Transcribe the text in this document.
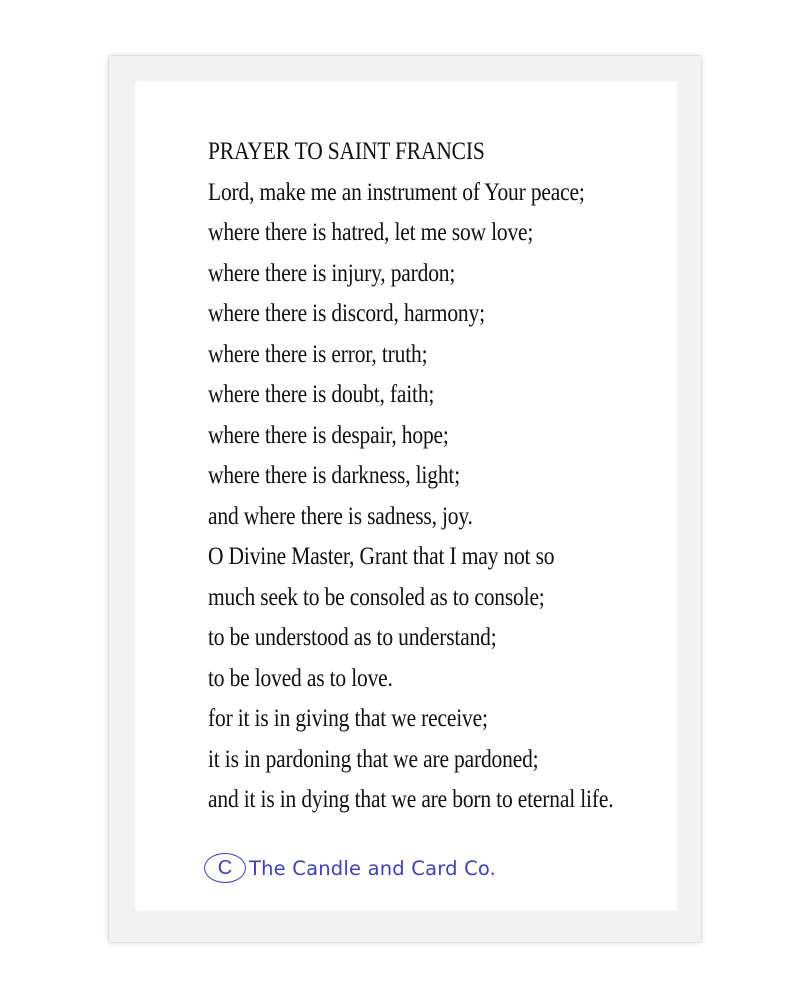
PRAYER TO SAINT FRANCIS
Lord, make me an instrument of Your peace;
where there is hatred, let me sow love;
where there is injury, pardon;
where there is discord, harmony;
where there is error, truth;
where there is doubt, faith;
where there is despair, hope;
where there is darkness, light;
and where there is sadness, joy.
O Divine Master, Grant that I may not so
much seek to be consoled as to console;
to be understood as to understand;
to be loved as to love.
for it is in giving that we receive;
it is in pardoning that we are pardoned;
and it is in dying that we are born to eternal life.
C The Candle and Card Co.
